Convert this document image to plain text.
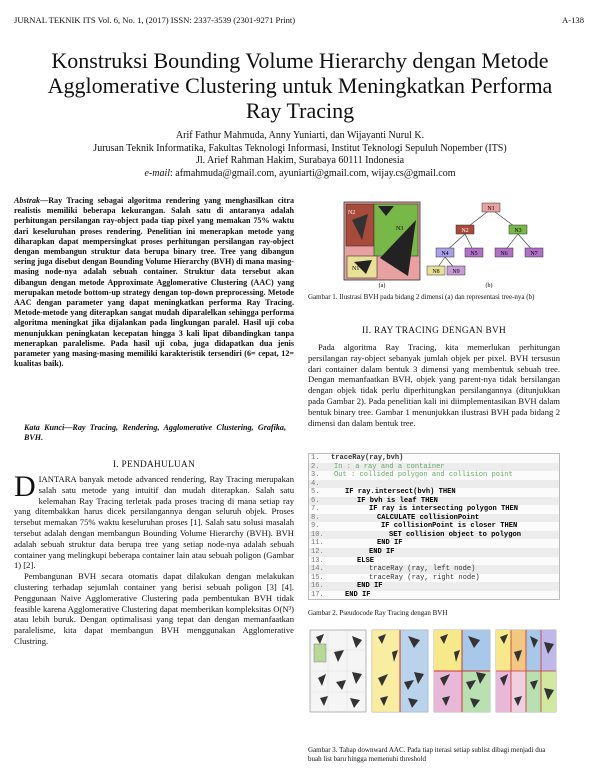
JURNAL TEKNIK ITS Vol. 6, No. 1, (2017) ISSN: 2337-3539 (2301-9271 Print)	A-138
Konstruksi Bounding Volume Hierarchy dengan Metode Agglomerative Clustering untuk Meningkatkan Performa Ray Tracing
Arif Fathur Mahmuda, Anny Yuniarti, dan Wijayanti Nurul K.
Jurusan Teknik Informatika, Fakultas Teknologi Informasi, Institut Teknologi Sepuluh Nopember (ITS)
Jl. Arief Rahman Hakim, Surabaya 60111 Indonesia
e-mail: afmahmuda@gmail.com, ayuniarti@gmail.com, wijay.cs@gmail.com
Abstrak—Ray Tracing sebagai algoritma rendering yang menghasilkan citra realistis memiliki beberapa kekurangan. Salah satu di antaranya adalah perhitungan persilangan ray-object pada tiap pixel yang memakan 75% waktu dari keseluruhan proses rendering. Penelitian ini menerapkan metode yang diharapkan dapat mempersingkat proses perhitungan persilangan ray-object dengan membangun struktur data berupa binary tree. Tree yang dibangun sering juga disebut dengan Bounding Volume Hierarchy (BVH) di mana masing-masing node-nya adalah sebuah container. Struktur data tersebut akan dibangun dengan metode Approximate Agglomerative Clustering (AAC) yang merupakan metode bottom-up strategy dengan top-down preprocessing. Metode AAC dengan parameter yang dapat meningkatkan performa Ray Tracing. Metode-metode yang diterapkan sangat mudah diparalelkan sehingga performa algoritma meningkat jika dijalankan pada lingkungan paralel. Hasil uji coba menunjukkan peningkatan kecepatan hingga 3 kali lipat dibandingkan tanpa menerapkan paralelisme. Pada hasil uji coba, juga didapatkan dua jenis parameter yang masing-masing memiliki karakteristik tersendiri (6= cepat, 12= kualitas baik).
Kata Kunci—Ray Tracing, Rendering, Agglomerative Clustering, Grafika, BVH.
I. PENDAHULUAN
D IANTARA banyak metode advanced rendering, Ray Tracing merupakan salah satu metode yang intuitif dan mudah diterapkan. Salah satu kelemahan Ray Tracing terletak pada proses tracing di mana setiap ray yang ditembakkan harus dicek persilangannya dengan seluruh objek. Proses tersebut memakan 75% waktu keseluruhan proses [1]. Salah satu solusi masalah tersebut adalah dengan membangun Bounding Volume Hierarchy (BVH). BVH adalah sebuah struktur data berupa tree yang setiap node-nya adalah sebuah container yang melingkupi beberapa container lain atau sebuah poligon (Gambar 1) [2].

Pembangunan BVH secara otomatis dapat dilakukan dengan melakukan clustering terhadap sejumlah container yang berisi sebuah poligon [3] [4]. Penggunaan Naive Agglomerative Clustering pada pembentukan BVH tidak feasible karena Agglomerative Clustering dapat memberikan kompleksitas O(N³) atau lebih buruk. Dengan optimalisasi yang tepat dan dengan memanfaatkan paralelisme, kita dapat membangun BVH menggunakan Agglomerative Clustring.

N2
N3
N1
N1
N2	N3
N4	N5	N6	N7
N8 N9
(a)	(b)
Gambar 1. Ilustrasi BVH pada bidang 2 dimensi (a) dan representasi tree-nya (b)
II. RAY TRACING DENGAN BVH

Pada algoritma Ray Tracing, kita memerlukan perhitungan persilangan ray-object sebanyak jumlah objek per pixel. BVH tersusun dari container dalam bentuk 3 dimensi yang membentuk sebuah tree. Dengan memanfaatkan BVH, objek yang parent-nya tidak bersilangan dengan objek tidak perlu diperhitungkan persilangannya (ditunjukkan pada Gambar 2). Pada penelitian kali ini diimplementasikan BVH dalam bentuk binary tree. Gambar 1 menunjukkan ilustrasi BVH pada bidang 2 dimensi dan dalam bentuk tree.

1.	traceRay(ray,bvh)
2.	In : a ray and a container
3.	Out : collided polygon and collision point
4.
5.	IF ray.intersect(bvh) THEN
6.	IF bvh is leaf THEN
7.	IF ray is intersecting polygon THEN
8.	CALCULATE collisionPoint
9.	IF collisionPoint is closer THEN
10.	SET collision object to polygon
11.	END IF
12.	END IF
13.	ELSE
14.	traceRay (ray, left node)
15.	traceRay (ray, right node)
16.	END IF
17.	END IF
Gambar 2. Pseudocode Ray Tracing dengan BVH
Gambar 3. Tahap downward AAC. Pada tiap iterasi setiap sublist dibagi menjadi dua buah list baru hingga memenuhi threshold
